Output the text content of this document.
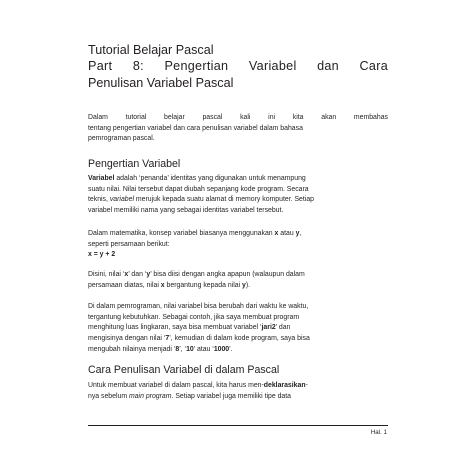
Tutorial Belajar Pascal
Part 8: Pengertian Variabel dan Cara
Penulisan Variabel Pascal

Dalam tutorial belajar pascal kali ini kita akan membahas
tentang pengertian variabel dan cara penulisan variabel dalam bahasa
pemrograman pascal.

Pengertian Variabel

Variabel adalah ‘penanda’ identitas yang digunakan untuk menampung
suatu nilai. Nilai tersebut dapat diubah sepanjang kode program. Secara
teknis, variabel merujuk kepada suatu alamat di memory komputer. Setiap
variabel memiliki nama yang sebagai identitas variabel tersebut.

Dalam matematika, konsep variabel biasanya menggunakan x atau y,
seperti persamaan berikut:
x = y + 2

Disini, nilai ‘x’ dan ‘y’ bisa diisi dengan angka apapun (walaupun dalam
persamaan diatas, nilai x bergantung kepada nilai y).

Di dalam pemrograman, nilai variabel bisa berubah dari waktu ke waktu,
tergantung kebutuhkan. Sebagai contoh, jika saya membuat program
menghitung luas lingkaran, saya bisa membuat variabel ‘jari2’ dan
mengisinya dengan nilai ‘7’, kemudian di dalam kode program, saya bisa
mengubah nilainya menjadi ‘8’, ‘10’ atau ‘1000’.

Cara Penulisan Variabel di dalam Pascal

Untuk membuat variabel di dalam pascal, kita harus men-deklarasikan-
nya sebelum main program. Setiap variabel juga memiliki tipe data

Hal. 1
